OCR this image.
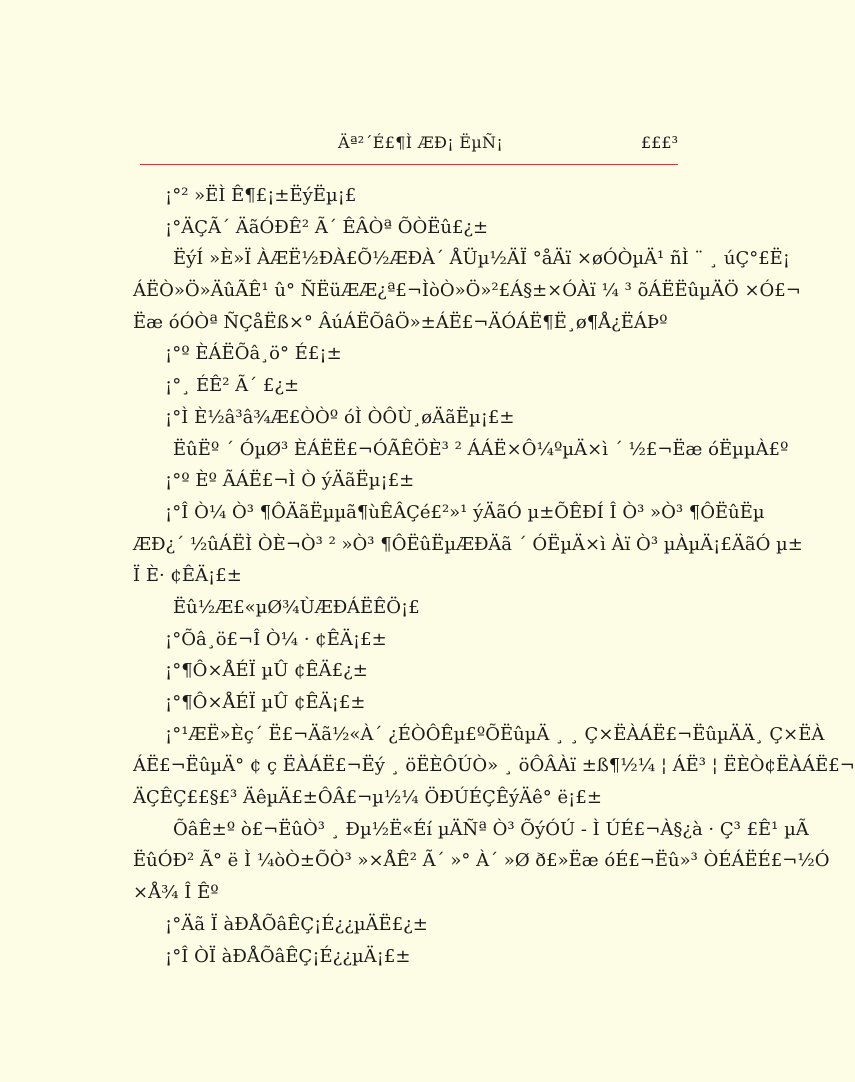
Äª²´É£¶Ì ÆÐ¡ ËµÑ¡	£££³
¡°² »ËÌ Ê¶£¡±ËýËµ¡£
¡°ÄÇÃ´ ÄãÓÐÊ² Ã´ ÊÂÒª ÕÒËû£¿±
ËýÍ »È»Ï ÀÆË½ÐÀ£Õ½ÆÐÀ´ ÅÜµ½ÄÏ °åÄï ×øÓÒµÄ¹ ñÌ ¨ ¸ úÇ°£Ë¡
ÁËÒ»Ö»ÄûÃÊ¹ û° ÑËüÆÆ¿ª£¬ÌòÒ»Ö»²£Á§±×ÓÀï ¼ ³ õÁËËûµÄÖ ×Ó£¬
Ëæ óÓÒª ÑÇåËß×° ÂúÁËÕâÖ»±ÁË£¬ÄÓÁË¶Ë¸ø¶Å¿ËÁÞº
¡°º ÈÁËÕâ¸ö° É£¡±
¡°¸ ÉÊ² Ã´ £¿±
¡°Ì È½â³â¾Æ£ÒÒº óÌ ÒÔÙ¸øÄãËµ¡£±
ËûËº ´ ÓµØ³ ÈÁËË£¬ÓÃÊÖÈ³ ² ÁÁË×Ô¼ºµÄ×ì ´ ½£¬Ëæ óËµµÀ£º
¡°º Èº ÃÁË£¬Ì Ò ýÄãËµ¡£±
¡°Î Ò¼ Ò³ ¶ÔÄãËµµã¶ùÊÂÇé£²»¹ ýÄãÓ µ±ÕÊÐÍ Î Ò³ »Ò³ ¶ÔËûËµ
ÆÐ¿´ ½ûÁËÌ ÒÈ¬Ò³ ² »Ò³ ¶ÔËûËµÆÐÄã ´ ÓËµÄ×ì Àï Ò³ µÀµÄ¡£ÄãÓ µ±
Ï È· ¢ÊÄ¡£±
Ëû½Æ£«µØ¾ÙÆÐÁËÊÖ¡£
¡°Õâ¸ö£¬Î Ò¼ · ¢ÊÄ¡£±
¡°¶Ô×ÅÉÏ µÛ ¢ÊÄ£¿±
¡°¶Ô×ÅÉÏ µÛ ¢ÊÄ¡£±
¡°¹ÆË»Èç´ Ë£¬Äã½«À´ ¿ÉÒÔÊµ£ºÕËûµÄ ¸ ¸ Ç×ËÀÁË£¬ËûµÄÄ¸ Ç×ËÀ
ÁË£¬ËûµÄ° ¢ ç ËÀÁË£¬Ëý ¸ öËÈÔÚÒ» ¸ öÔÂÀï ±ß¶½¼ ¦ ÁË³ ¦ ËÈÒ¢ËÀÁË£¬
ÄÇÊÇ££§£³ ÄêµÄ£±ÔÂ£¬µ½¼ ÖÐÚÉÇÊýÄê° ë¡£±
ÕâÊ±º ò£¬ËûÒ³ ¸ Ðµ½Ë«Éí µÄÑª Ò³ ÕýÓÚ - Ì ÚÉ£¬À§¿à · Ç³ £Ê¹ µÃ
ËûÓÐ² Ã° ë Ì ¼òÒ±ÕÒ³ »×ÅÊ² Ã´ »° À´ »Ø ð£»Ëæ óÉ£¬Ëû»³ ÒÉÁËÉ£¬½Ó
×Å¾ Î Êº
¡°Äã Ï àÐÅÕâÊÇ¡É¿¿µÄË£¿±
¡°Î ÒÏ àÐÅÕâÊÇ¡É¿¿µÄ¡£±
